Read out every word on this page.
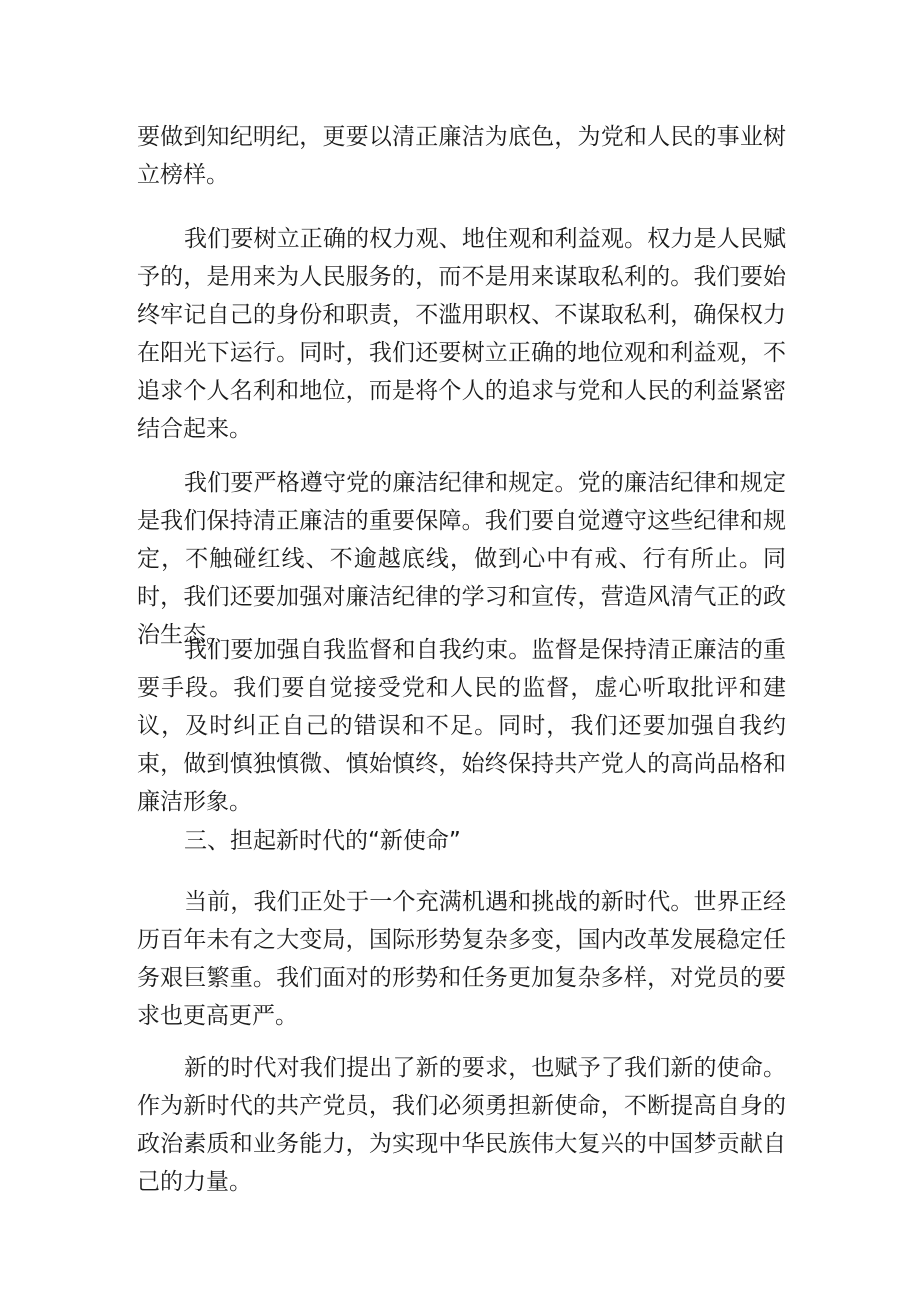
要做到知纪明纪，更要以清正廉洁为底色，为党和人民的事业树立榜样。

我们要树立正确的权力观、地住观和利益观。权力是人民赋予的，是用来为人民服务的，而不是用来谋取私利的。我们要始终牢记自己的身份和职责，不滥用职权、不谋取私利，确保权力在阳光下运行。同时，我们还要树立正确的地位观和利益观，不追求个人名利和地位，而是将个人的追求与党和人民的利益紧密结合起来。

我们要严格遵守党的廉洁纪律和规定。党的廉洁纪律和规定是我们保持清正廉洁的重要保障。我们要自觉遵守这些纪律和规定，不触碰红线、不逾越底线，做到心中有戒、行有所止。同时，我们还要加强对廉洁纪律的学习和宣传，营造风清气正的政治生态。

我们要加强自我监督和自我约束。监督是保持清正廉洁的重要手段。我们要自觉接受党和人民的监督，虚心听取批评和建议，及时纠正自己的错误和不足。同时，我们还要加强自我约束，做到慎独慎微、慎始慎终，始终保持共产党人的高尚品格和廉洁形象。

三、担起新时代的“新使命”

当前，我们正处于一个充满机遇和挑战的新时代。世界正经历百年未有之大变局，国际形势复杂多变，国内改革发展稳定任务艰巨繁重。我们面对的形势和任务更加复杂多样，对党员的要求也更高更严。

新的时代对我们提出了新的要求，也赋予了我们新的使命。作为新时代的共产党员，我们必须勇担新使命，不断提高自身的政治素质和业务能力，为实现中华民族伟大复兴的中国梦贡献自己的力量。
